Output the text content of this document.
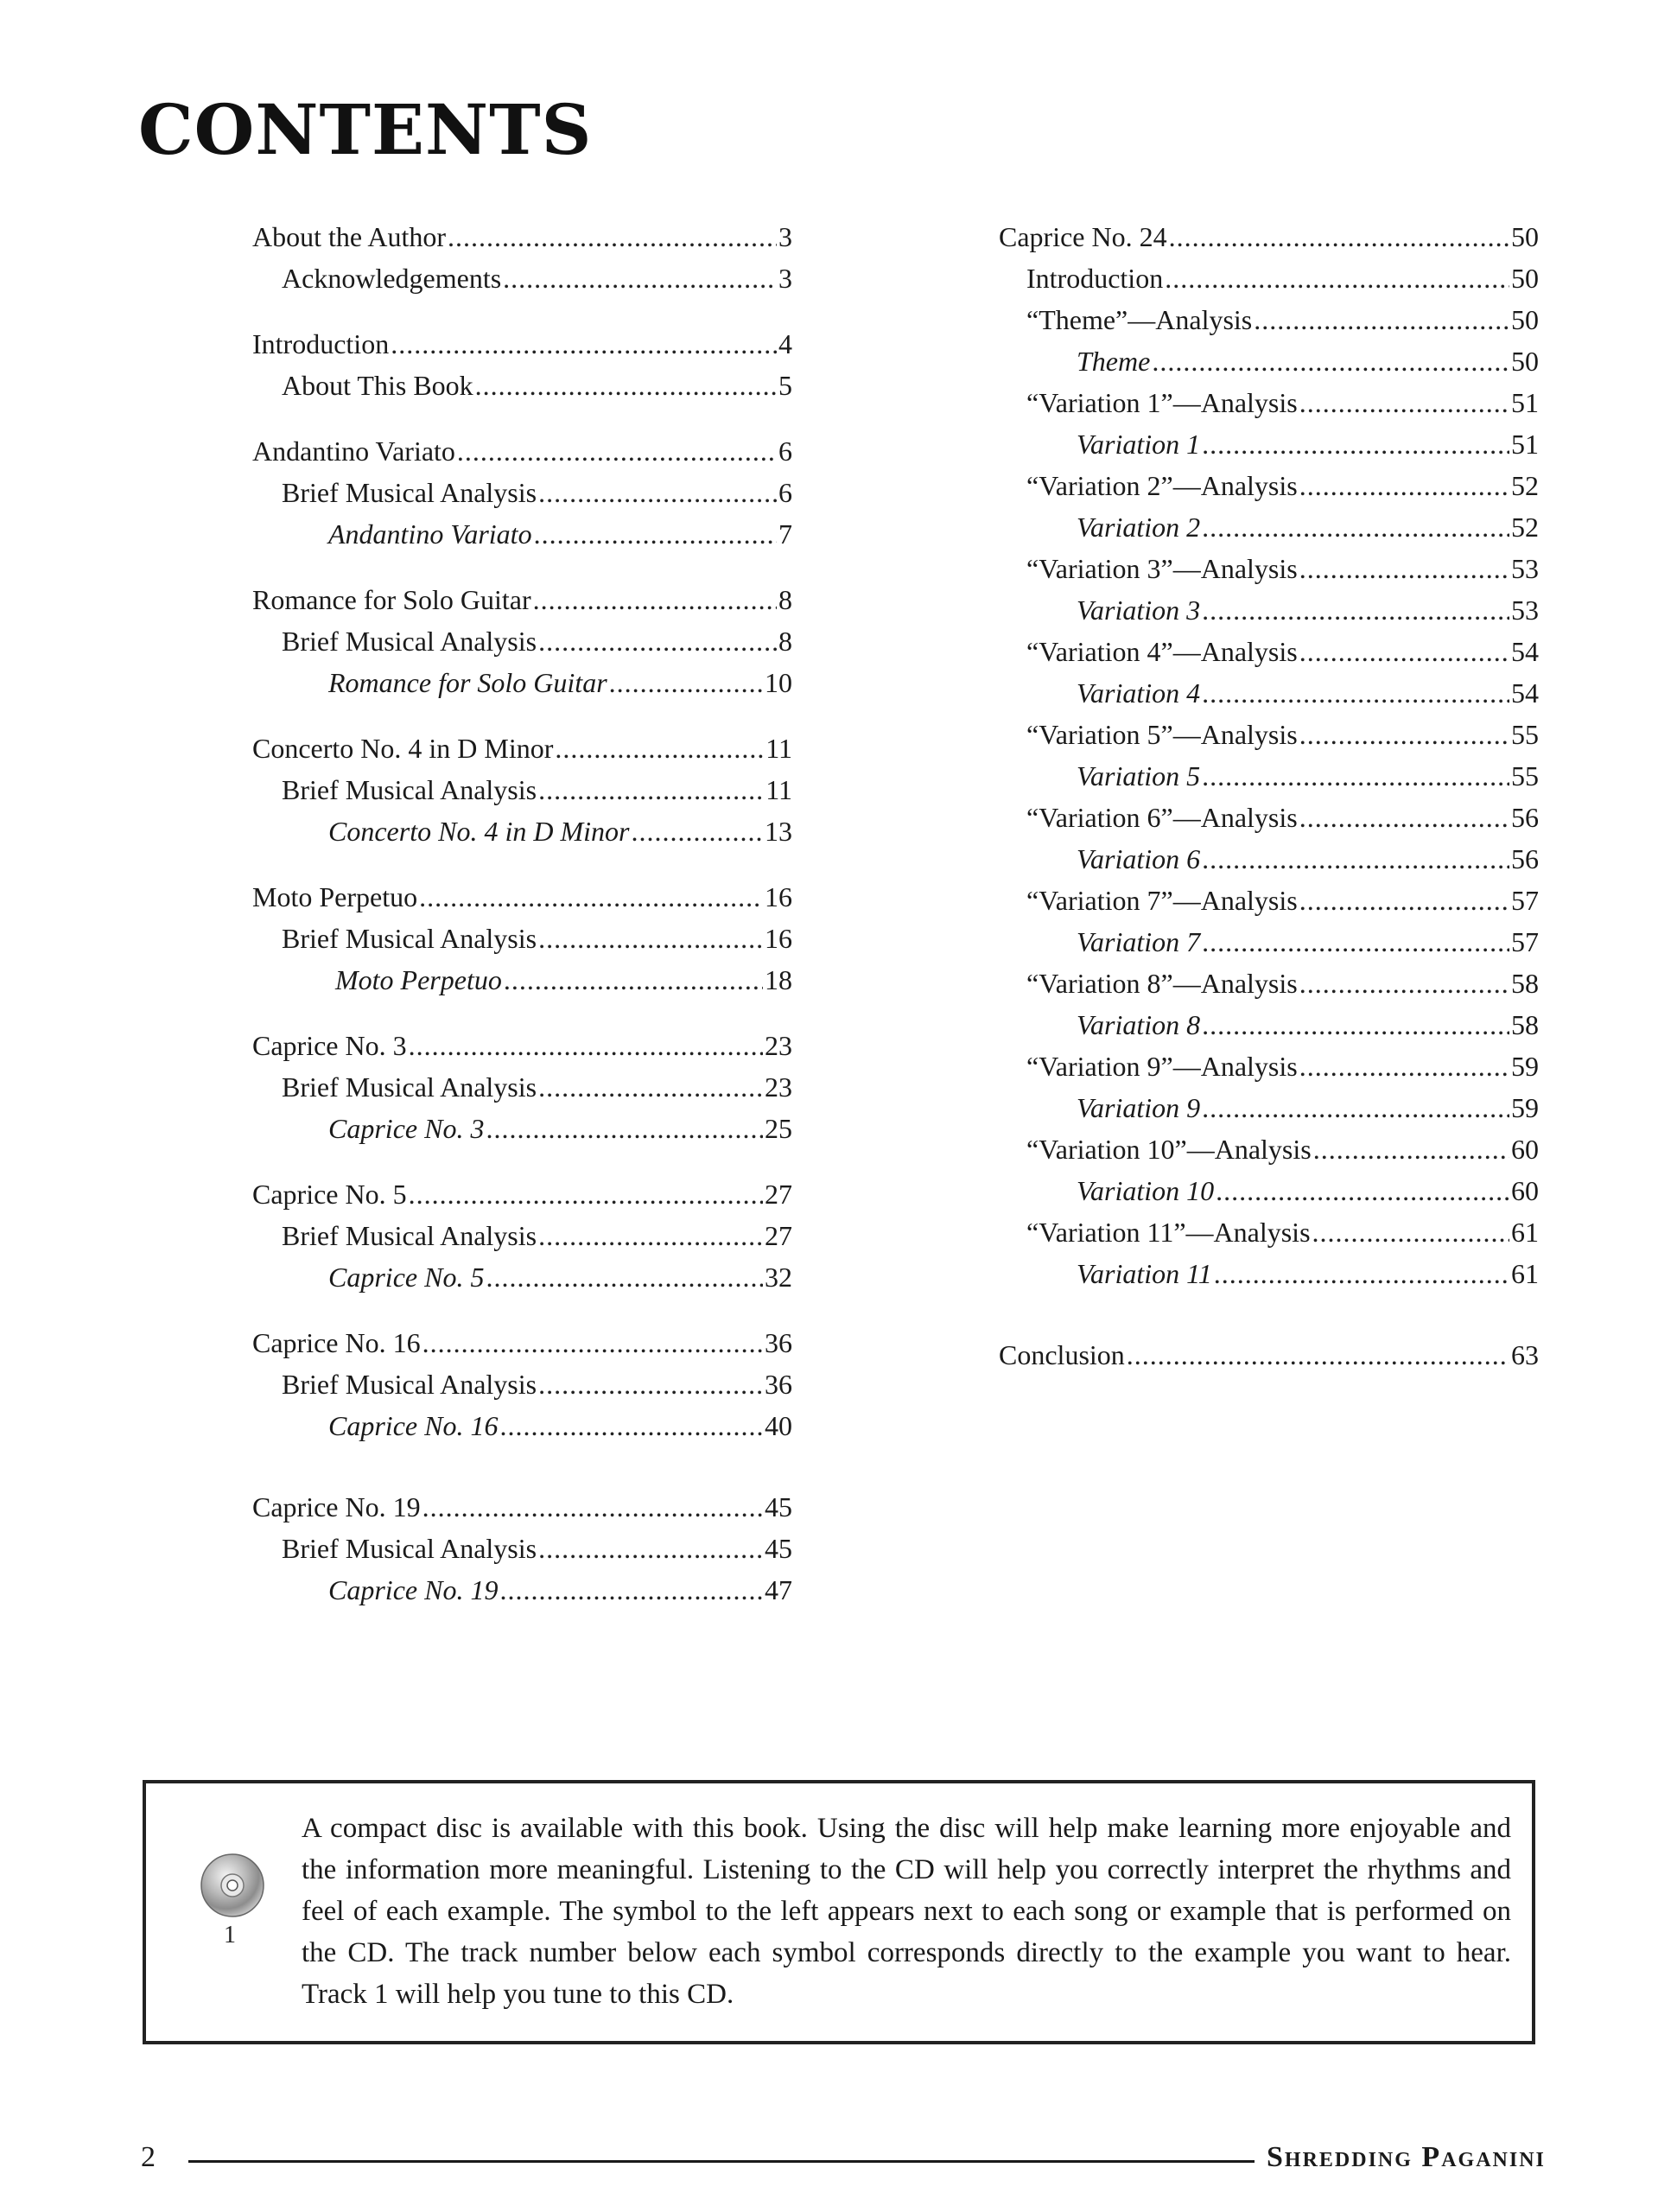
CONTENTS
About the Author .....	3
Acknowledgements .....	3
Introduction .....	4
About This Book .....	5
Andantino Variato .....	6
Brief Musical Analysis .....	6
Andantino Variato .....	7
Romance for Solo Guitar .....	8
Brief Musical Analysis .....	8
Romance for Solo Guitar .....	10
Concerto No. 4 in D Minor .....	11
Brief Musical Analysis .....	11
Concerto No. 4 in D Minor .....	13
Moto Perpetuo .....	16
Brief Musical Analysis .....	16
Moto Perpetuo .....	18
Caprice No. 3 .....	23
Brief Musical Analysis .....	23
Caprice No. 3 .....	25
Caprice No. 5 .....	27
Brief Musical Analysis .....	27
Caprice No. 5 .....	32
Caprice No. 16 .....	36
Brief Musical Analysis .....	36
Caprice No. 16 .....	40
Caprice No. 19 .....	45
Brief Musical Analysis .....	45
Caprice No. 19 .....	47
Caprice No. 24 .....	50
Introduction .....	50
“Theme”—Analysis .....	50
Theme .....	50
“Variation 1”—Analysis .....	51
Variation 1 .....	51
“Variation 2”—Analysis .....	52
Variation 2 .....	52
“Variation 3”—Analysis .....	53
Variation 3 .....	53
“Variation 4”—Analysis .....	54
Variation 4 .....	54
“Variation 5”—Analysis .....	55
Variation 5 .....	55
“Variation 6”—Analysis .....	56
Variation 6 .....	56
“Variation 7”—Analysis .....	57
Variation 7 .....	57
“Variation 8”—Analysis .....	58
Variation 8 .....	58
“Variation 9”—Analysis .....	59
Variation 9 .....	59
“Variation 10”—Analysis .....	60
Variation 10 .....	60
“Variation 11”—Analysis .....	61
Variation 11 .....	61
Conclusion .....	63
1

A compact disc is available with this book. Using the disc will help make learning more enjoyable and the information more meaningful. Listening to the CD will help you correctly interpret the rhythms and feel of each example. The symbol to the left appears next to each song or example that is performed on the CD. The track number below each symbol corresponds directly to the example you want to hear. Track 1 will help you tune to this CD.

2	Shredding Paganini
